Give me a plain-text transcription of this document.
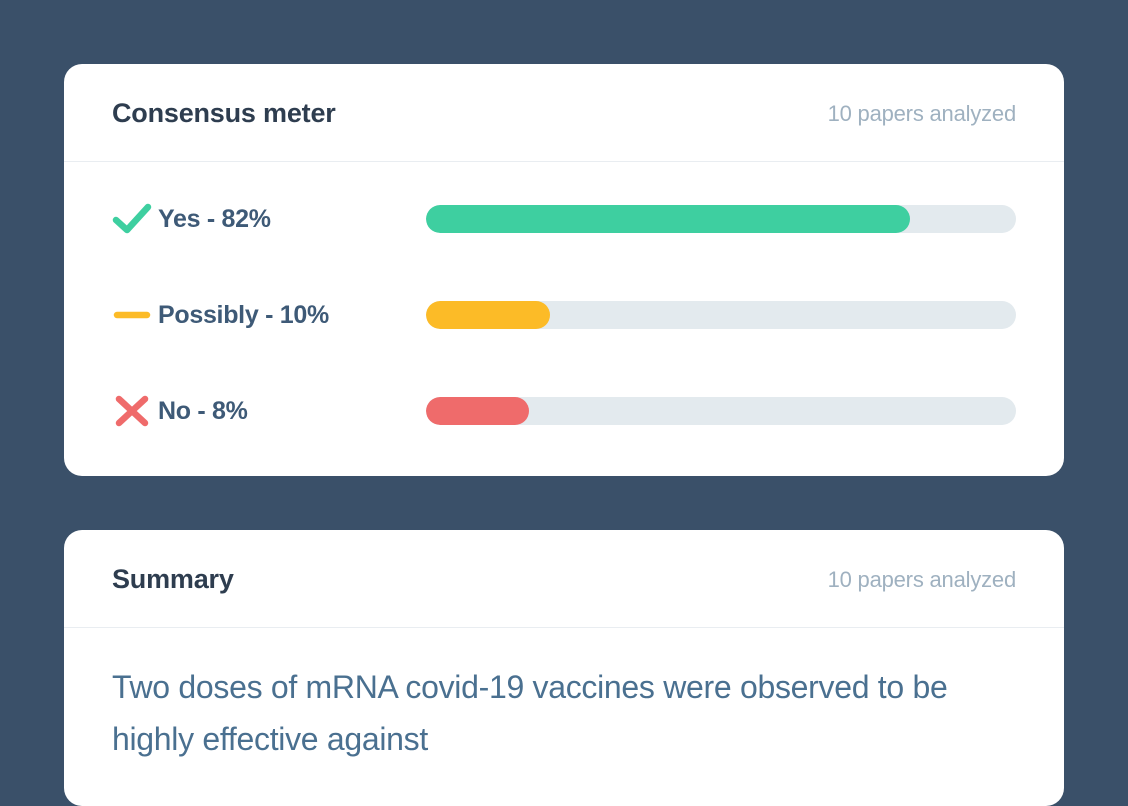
Consensus meter	10 papers analyzed
Yes - 82%
Possibly - 10%
No - 8%
Summary	10 papers analyzed
Two doses of mRNA covid-19 vaccines were observed to be highly effective against
